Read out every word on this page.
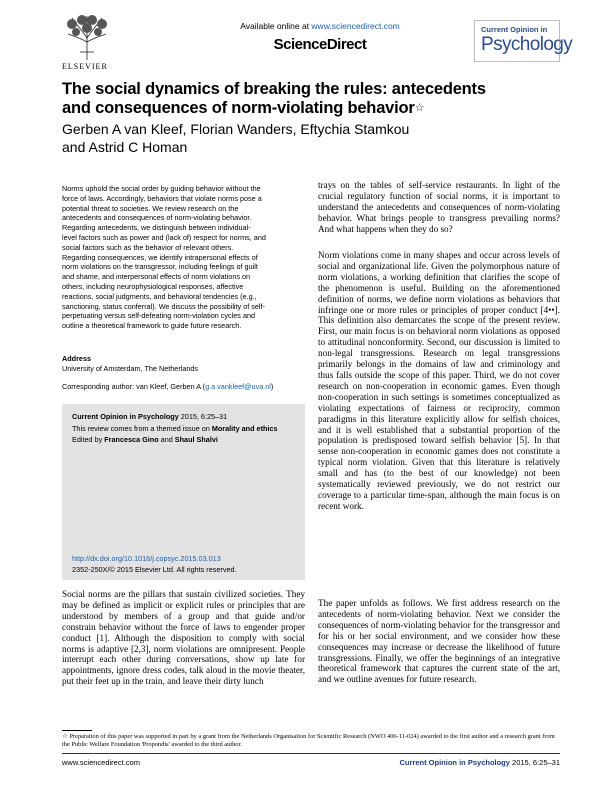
ELSEVIER
Available online at www.sciencedirect.com
ScienceDirect
Current Opinion in
Psychology
The social dynamics of breaking the rules: antecedents
and consequences of norm-violating behavior☆
Gerben A van Kleef, Florian Wanders, Eftychia Stamkou
and Astrid C Homan

Norms uphold the social order by guiding behavior without the

force of laws. Accordingly, behaviors that violate norms pose a

potential threat to societies. We review research on the

antecedents and consequences of norm-violating behavior.

Regarding antecedents, we distinguish between individual-

level factors such as power and (lack of) respect for norms, and

social factors such as the behavior of relevant others.

Regarding consequences, we identify intrapersonal effects of

norm violations on the transgressor, including feelings of guilt

and shame, and interpersonal effects of norm violations on

others, including neurophysiological responses, affective

reactions, social judgments, and behavioral tendencies (e.g.,

sanctioning, status conferral). We discuss the possibility of self-

perpetuating versus self-defeating norm-violation cycles and

outline a theoretical framework to guide future research.

Address
University of Amsterdam, The Netherlands
Corresponding author: van Kleef, Gerben A (g.a.vankleef@uva.nl)
Current Opinion in Psychology 2015, 6:25–31
This review comes from a themed issue on Morality and ethics
Edited by Francesca Gino and Shaul Shalvi
http://dx.doi.org/10.1016/j.copsyc.2015.03.013
2352-250X/© 2015 Elsevier Ltd. All rights reserved.

Social norms are the pillars that sustain civilized societies. They may be defined as implicit or explicit rules or principles that are understood by members of a group and that guide and/or constrain behavior without the force of laws to engender proper conduct [1]. Although the disposition to comply with social norms is adaptive [2,3], norm violations are omnipresent. People interrupt each other during conversations, show up late for appointments, ignore dress codes, talk aloud in the movie theater, put their feet up in the train, and leave their dirty lunch

trays on the tables of self-service restaurants. In light of the crucial regulatory function of social norms, it is important to understand the antecedents and consequences of norm-violating behavior. What brings people to transgress prevailing norms? And what happens when they do so?

Norm violations come in many shapes and occur across levels of social and organizational life. Given the polymorphous nature of norm violations, a working definition that clarifies the scope of the phenomenon is useful. Building on the aforementioned definition of norms, we define norm violations as behaviors that infringe one or more rules or principles of proper conduct [4••]. This definition also demarcates the scope of the present review. First, our main focus is on behavioral norm violations as opposed to attitudinal nonconformity. Second, our discussion is limited to non-legal transgressions. Research on legal transgressions primarily belongs in the domains of law and criminology and thus falls outside the scope of this paper. Third, we do not cover research on non-cooperation in economic games. Even though non-cooperation in such settings is sometimes conceptualized as violating expectations of fairness or reciprocity, common paradigms in this literature explicitly allow for selfish choices, and it is well established that a substantial proportion of the population is predisposed toward selfish behavior [5]. In that sense non-cooperation in economic games does not constitute a typical norm violation. Given that this literature is relatively small and has (to the best of our knowledge) not been systematically reviewed previously, we do not restrict our coverage to a particular time-span, although the main focus is on recent work.

The paper unfolds as follows. We first address research on the antecedents of norm-violating behavior. Next we consider the consequences of norm-violating behavior for the transgressor and for his or her social environment, and we consider how these consequences may increase or decrease the likelihood of future transgressions. Finally, we offer the beginnings of an integrative theoretical framework that captures the current state of the art, and we outline avenues for future research.

☆ Preparation of this paper was supported in part by a grant from the Netherlands Organisation for Scientific Research (NWO 406-11-024) awarded to the first author and a research grant from the Public Welfare Foundation 'Propondis' awarded to the third author.
www.sciencedirect.com	Current Opinion in Psychology 2015, 6:25–31
